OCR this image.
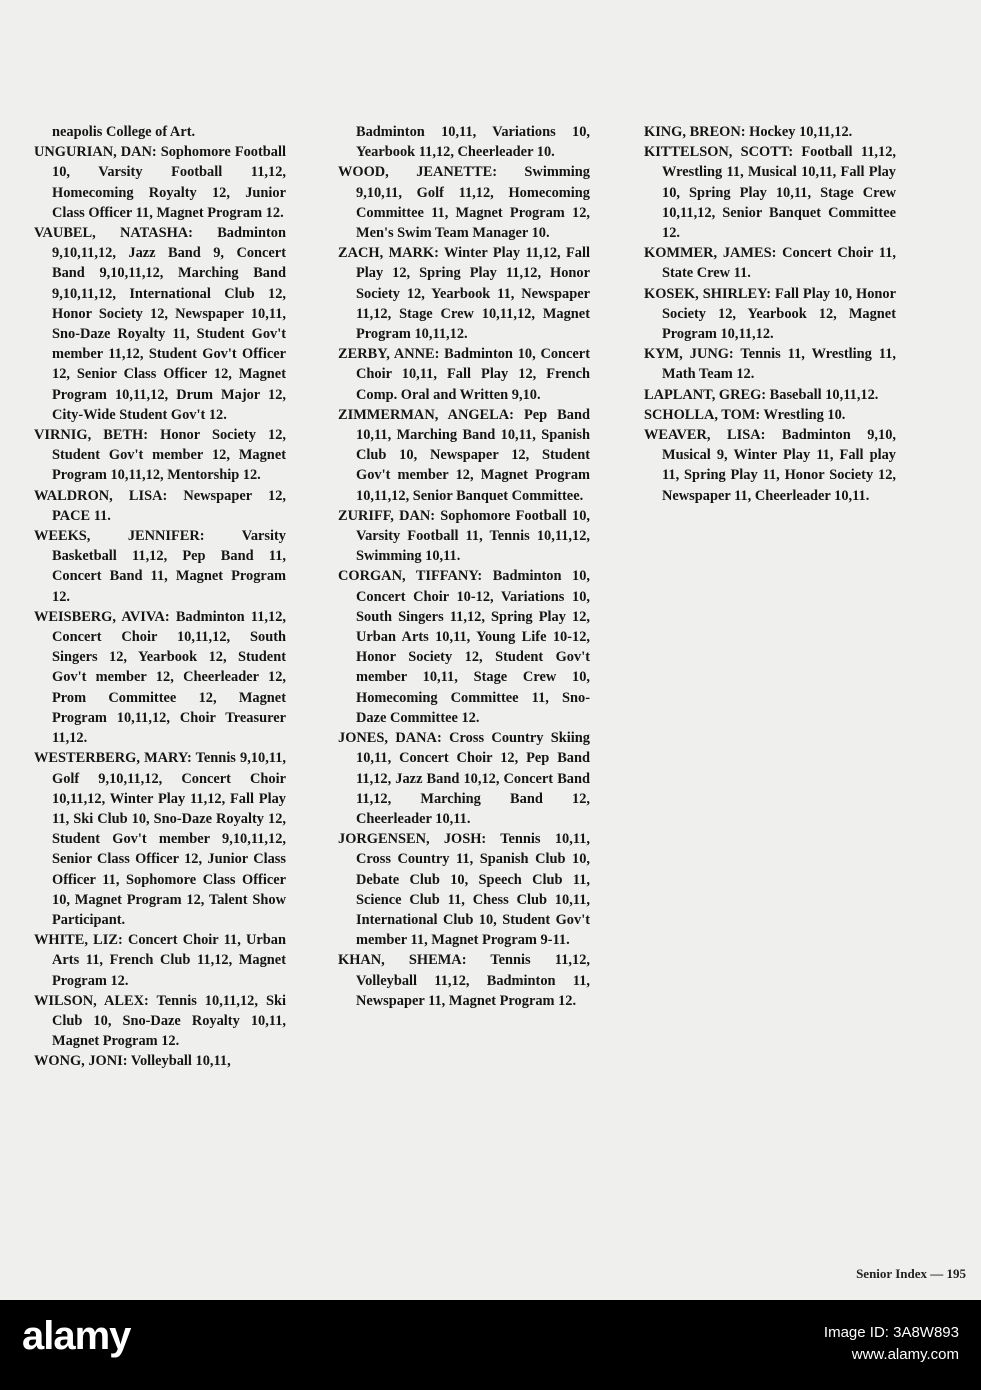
neapolis College of Art.

UNGURIAN, DAN: Sophomore Football 10, Varsity Football 11,12, Homecoming Royalty 12, Junior Class Officer 11, Magnet Program 12.

VAUBEL, NATASHA: Badminton 9,10,11,12, Jazz Band 9, Concert Band 9,10,11,12, Marching Band 9,10,11,12, International Club 12, Honor Society 12, Newspaper 10,11, Sno-Daze Royalty 11, Student Gov't member 11,12, Student Gov't Officer 12, Senior Class Officer 12, Magnet Program 10,11,12, Drum Major 12, City-Wide Student Gov't 12.

VIRNIG, BETH: Honor Society 12, Student Gov't member 12, Magnet Program 10,11,12, Mentorship 12.

WALDRON, LISA: Newspaper 12, PACE 11.

WEEKS, JENNIFER: Varsity Basketball 11,12, Pep Band 11, Concert Band 11, Magnet Program 12.

WEISBERG, AVIVA: Badminton 11,12, Concert Choir 10,11,12, South Singers 12, Yearbook 12, Student Gov't member 12, Cheerleader 12, Prom Committee 12, Magnet Program 10,11,12, Choir Treasurer 11,12.

WESTERBERG, MARY: Tennis 9,10,11, Golf 9,10,11,12, Concert Choir 10,11,12, Winter Play 11,12, Fall Play 11, Ski Club 10, Sno-Daze Royalty 12, Student Gov't member 9,10,11,12, Senior Class Officer 12, Junior Class Officer 11, Sophomore Class Officer 10, Magnet Program 12, Talent Show Participant.

WHITE, LIZ: Concert Choir 11, Urban Arts 11, French Club 11,12, Magnet Program 12.

WILSON, ALEX: Tennis 10,11,12, Ski Club 10, Sno-Daze Royalty 10,11, Magnet Program 12.

WONG, JONI: Volleyball 10,11,

Badminton 10,11, Variations 10, Yearbook 11,12, Cheerleader 10.

WOOD, JEANETTE: Swimming 9,10,11, Golf 11,12, Homecoming Committee 11, Magnet Program 12, Men's Swim Team Manager 10.

ZACH, MARK: Winter Play 11,12, Fall Play 12, Spring Play 11,12, Honor Society 12, Yearbook 11, Newspaper 11,12, Stage Crew 10,11,12, Magnet Program 10,11,12.

ZERBY, ANNE: Badminton 10, Concert Choir 10,11, Fall Play 12, French Comp. Oral and Written 9,10.

ZIMMERMAN, ANGELA: Pep Band 10,11, Marching Band 10,11, Spanish Club 10, Newspaper 12, Student Gov't member 12, Magnet Program 10,11,12, Senior Banquet Committee.

ZURIFF, DAN: Sophomore Football 10, Varsity Football 11, Tennis 10,11,12, Swimming 10,11.

CORGAN, TIFFANY: Badminton 10, Concert Choir 10-12, Variations 10, South Singers 11,12, Spring Play 12, Urban Arts 10,11, Young Life 10-12, Honor Society 12, Student Gov't member 10,11, Stage Crew 10, Homecoming Committee 11, Sno-Daze Committee 12.

JONES, DANA: Cross Country Skiing 10,11, Concert Choir 12, Pep Band 11,12, Jazz Band 10,12, Concert Band 11,12, Marching Band 12, Cheerleader 10,11.

JORGENSEN, JOSH: Tennis 10,11, Cross Country 11, Spanish Club 10, Debate Club 10, Speech Club 11, Science Club 11, Chess Club 10,11, International Club 10, Student Gov't member 11, Magnet Program 9-11.

KHAN, SHEMA: Tennis 11,12, Volleyball 11,12, Badminton 11, Newspaper 11, Magnet Program 12.

KING, BREON: Hockey 10,11,12.

KITTELSON, SCOTT: Football 11,12, Wrestling 11, Musical 10,11, Fall Play 10, Spring Play 10,11, Stage Crew 10,11,12, Senior Banquet Committee 12.

KOMMER, JAMES: Concert Choir 11, State Crew 11.

KOSEK, SHIRLEY: Fall Play 10, Honor Society 12, Yearbook 12, Magnet Program 10,11,12.

KYM, JUNG: Tennis 11, Wrestling 11, Math Team 12.

LAPLANT, GREG: Baseball 10,11,12.

SCHOLLA, TOM: Wrestling 10.

WEAVER, LISA: Badminton 9,10, Musical 9, Winter Play 11, Fall play 11, Spring Play 11, Honor Society 12, Newspaper 11, Cheerleader 10,11.

Senior Index — 195
alamy	Image ID: 3A8W893
www.alamy.com
